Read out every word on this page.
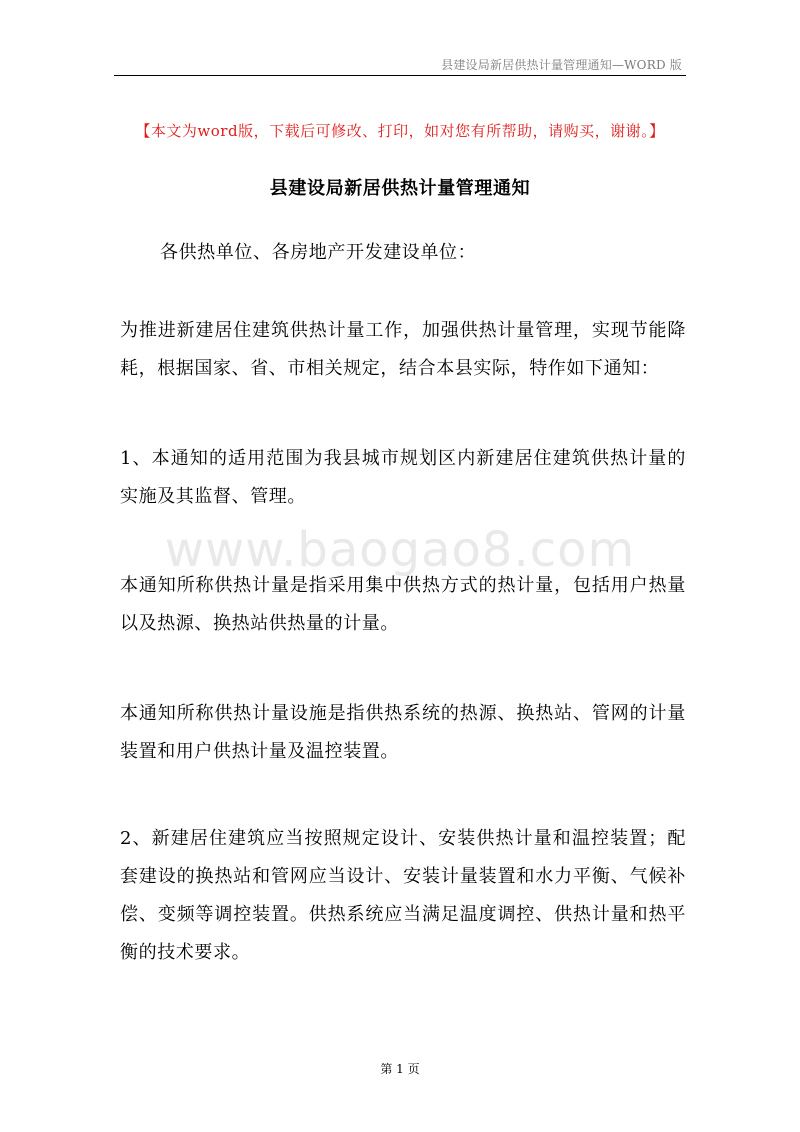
县建设局新居供热计量管理通知—WORD 版
【本文为word版，下载后可修改、打印，如对您有所帮助，请购买，谢谢。】
县建设局新居供热计量管理通知
各供热单位、各房地产开发建设单位：
为推进新建居住建筑供热计量工作，加强供热计量管理，实现节能降耗，根据国家、省、市相关规定，结合本县实际，特作如下通知：
1、本通知的适用范围为我县城市规划区内新建居住建筑供热计量的实施及其监督、管理。
www.baogao8.com
本通知所称供热计量是指采用集中供热方式的热计量，包括用户热量以及热源、换热站供热量的计量。
本通知所称供热计量设施是指供热系统的热源、换热站、管网的计量装置和用户供热计量及温控装置。
2、新建居住建筑应当按照规定设计、安装供热计量和温控装置；配套建设的换热站和管网应当设计、安装计量装置和水力平衡、气候补偿、变频等调控装置。供热系统应当满足温度调控、供热计量和热平衡的技术要求。
第 1 页
